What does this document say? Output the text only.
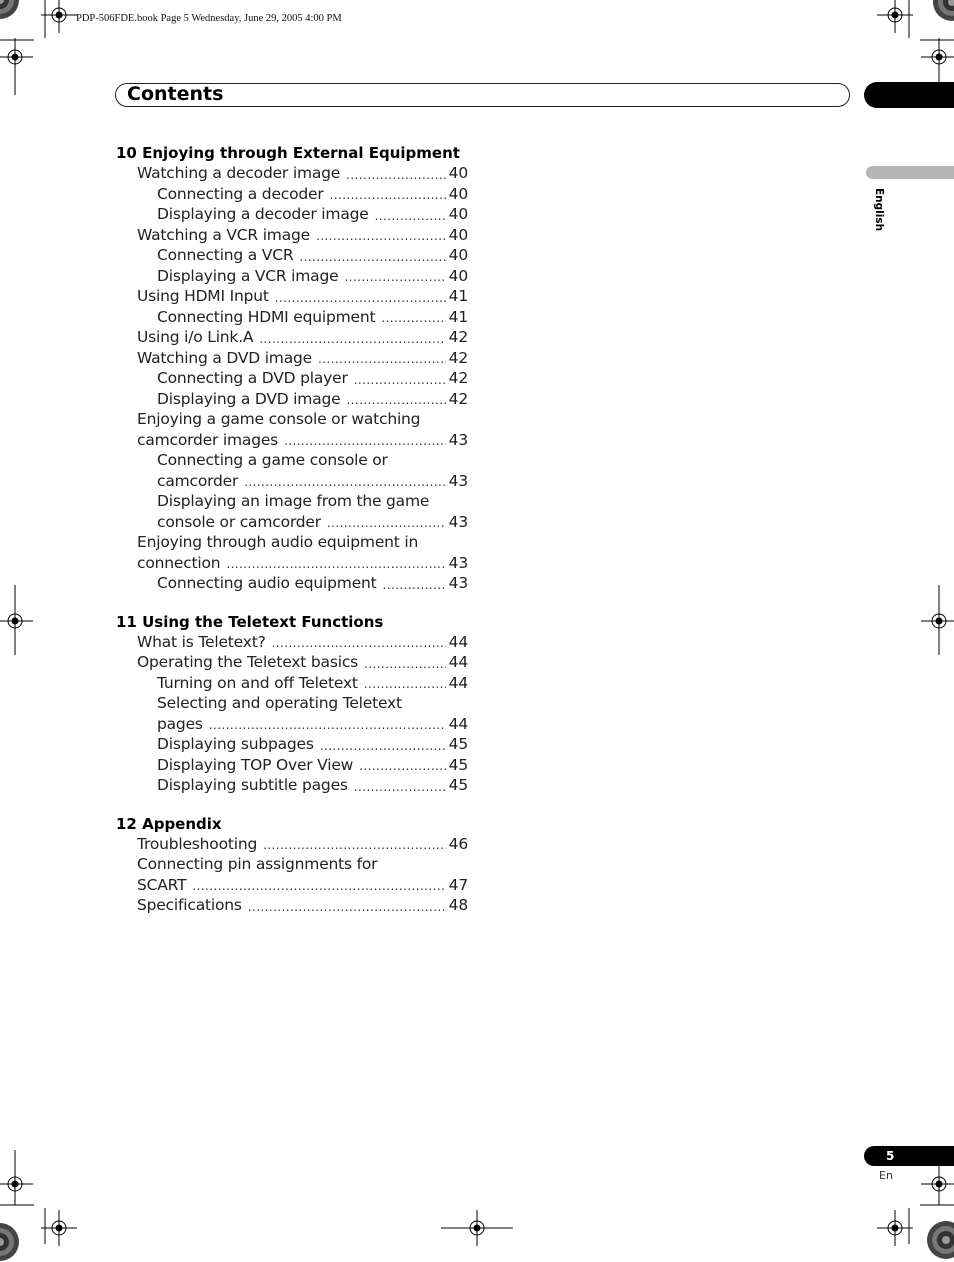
PDP-506FDE.book Page 5 Wednesday, June 29, 2005 4:00 PM
Contents
English
10 Enjoying through External Equipment
Watching a decoder image .....	40
Connecting a decoder .....	40
Displaying a decoder image .....	40
Watching a VCR image .....	40
Connecting a VCR .....	40
Displaying a VCR image .....	40
Using HDMI Input .....	41
Connecting HDMI equipment .....	41
Using i/o Link.A .....	42
Watching a DVD image .....	42
Connecting a DVD player .....	42
Displaying a DVD image .....	42
Enjoying a game console or watching
camcorder images .....	43
Connecting a game console or
camcorder .....	43
Displaying an image from the game
console or camcorder .....	43
Enjoying through audio equipment in
connection .....	43
Connecting audio equipment .....	43
11 Using the Teletext Functions
What is Teletext? .....	44
Operating the Teletext basics .....	44
Turning on and off Teletext .....	44
Selecting and operating Teletext
pages .....	44
Displaying subpages .....	45
Displaying TOP Over View .....	45
Displaying subtitle pages .....	45
12 Appendix
Troubleshooting .....	46
Connecting pin assignments for
SCART .....	47
Specifications .....	48
5
En
